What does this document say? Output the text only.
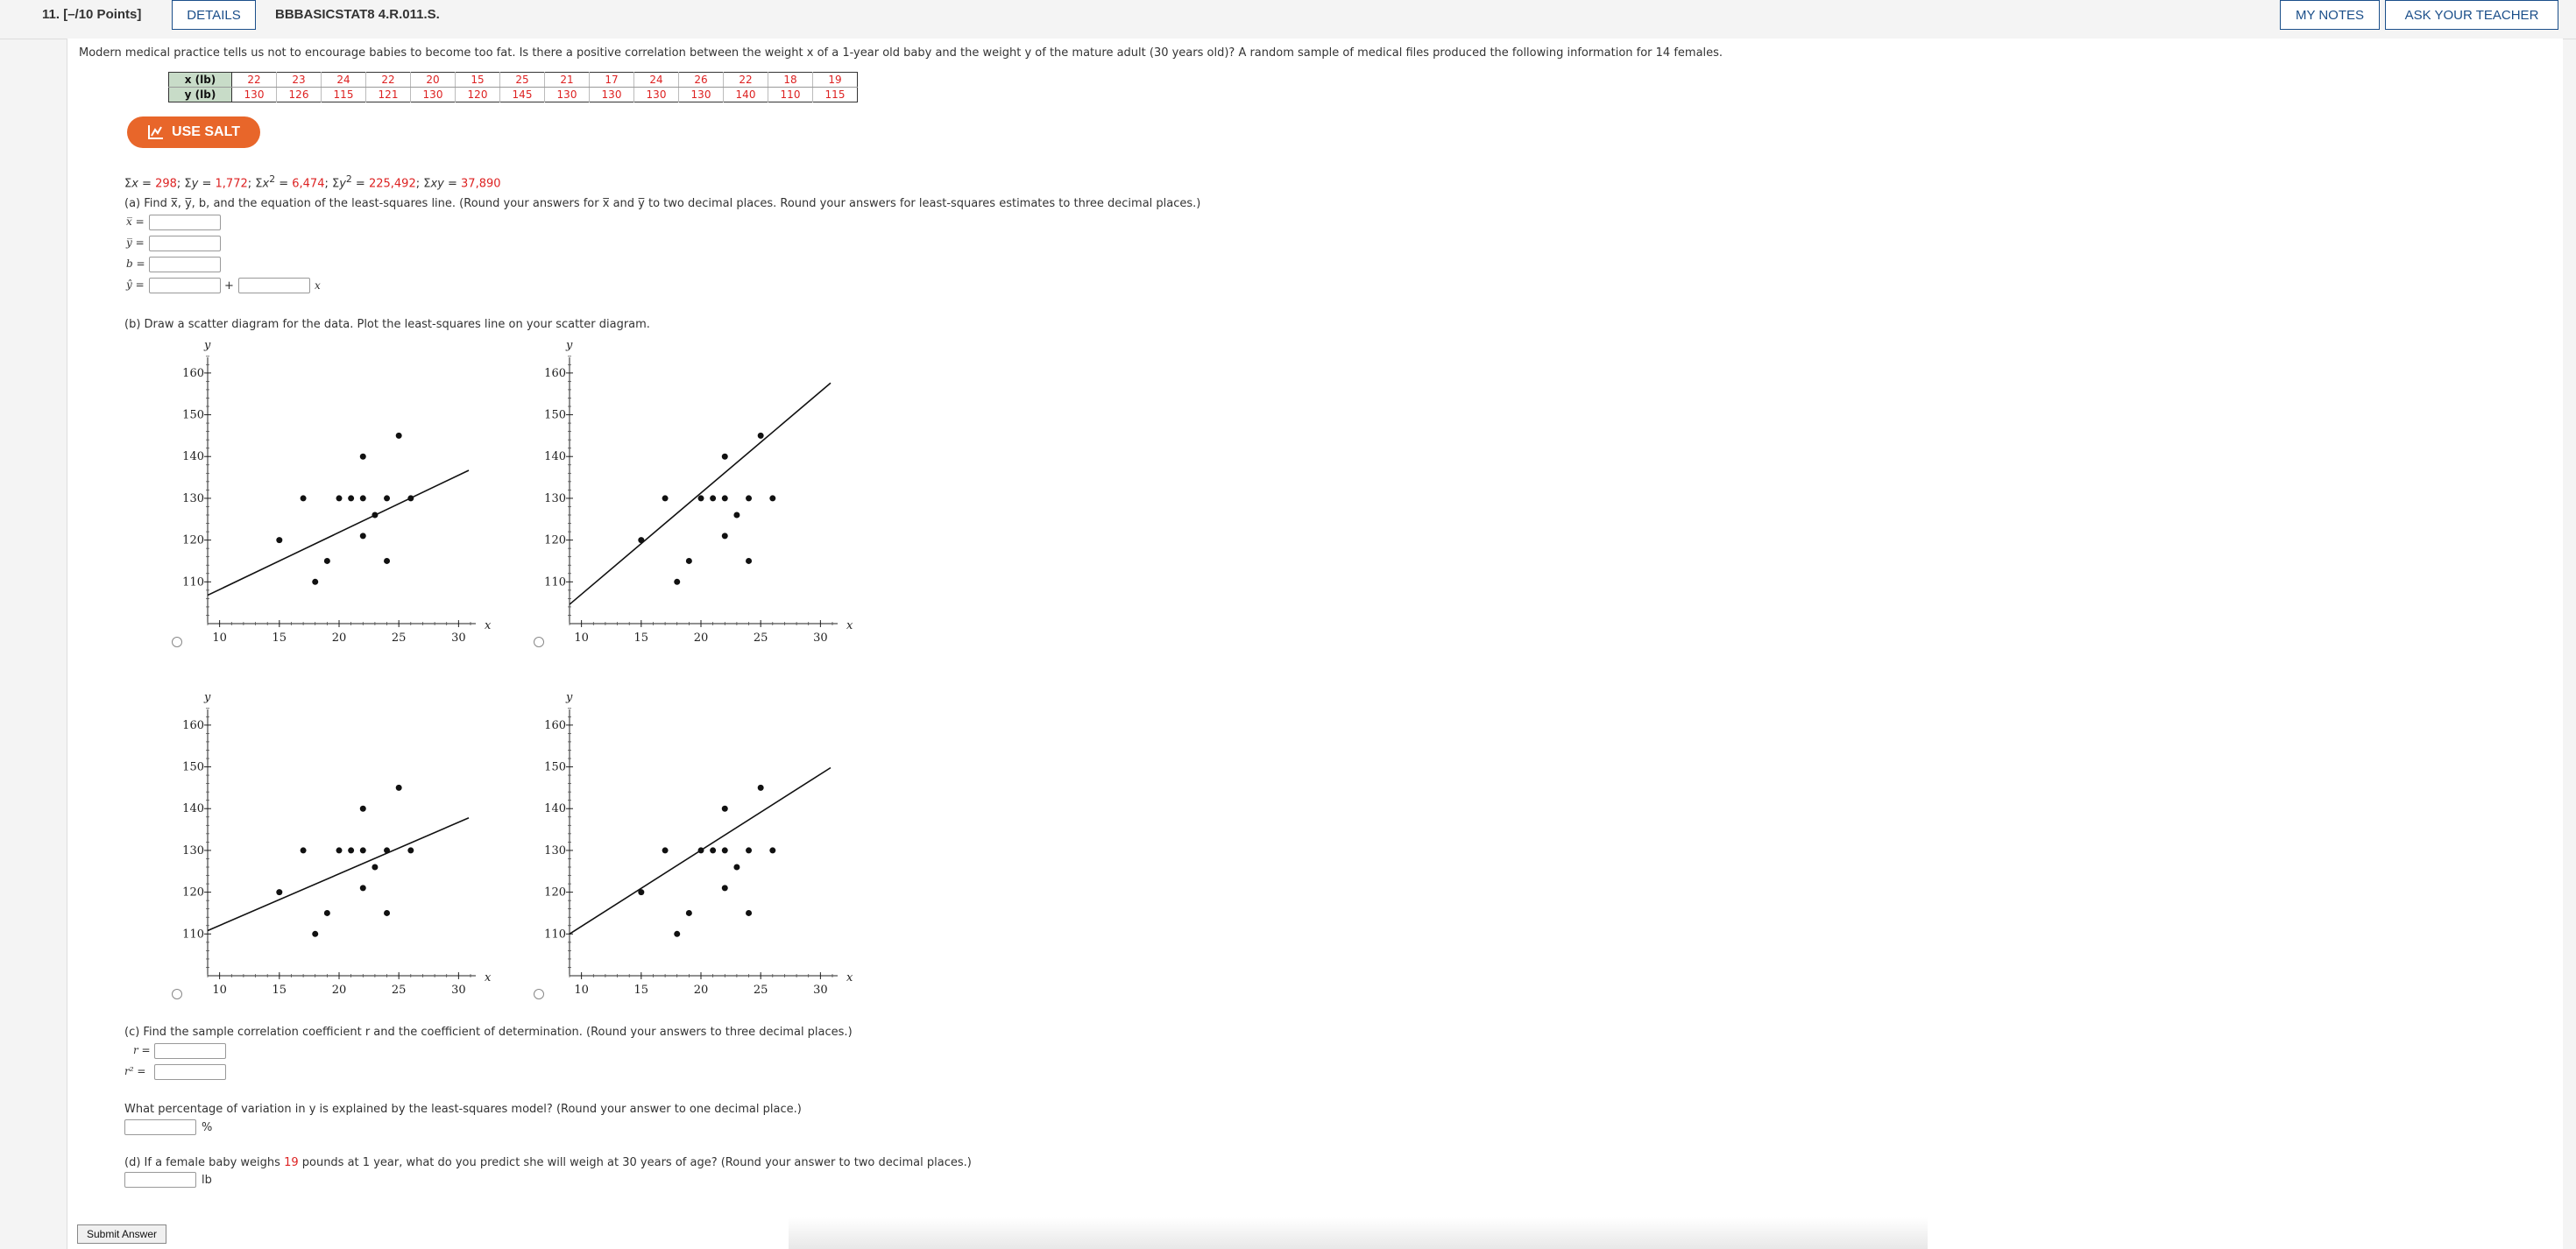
11. [–/10 Points]	DETAILS	BBBASICSTAT8 4.R.011.S.	MY NOTES	ASK YOUR TEACHER
Modern medical practice tells us not to encourage babies to become too fat. Is there a positive correlation between the weight x of a 1-year old baby and the weight y of the mature adult (30 years old)? A random sample of medical files produced the following information for 14 females.
x (lb)	22	23	24	22	20	15	25	21	17	24	26	22	18	19
y (lb)	130	126	115	121	130	120	145	130	130	130	130	140	110	115
USE SALT
Σx = 298; Σy = 1,772; $\Sigma x^2 = 6,474$; $\Sigma y^2 = 225,492$; Σxy = 37,890
(a) Find x̅, y̅, b, and the equation of the least-squares line. (Round your answers for x̅ and y̅ to two decimal places. Round your answers for least-squares estimates to three decimal places.)
x̅ =
y̅ =
b =
ŷ =	+	x
(b) Draw a scatter diagram for the data. Plot the least-squares line on your scatter diagram.
10	15	20	25	30
110
120
130
140
150
160
x
y
10	15	20	25	30
110
120
130
140
150
160
x
y
10	15	20	25	30
110
120
130
140
150
160
x
y
10	15	20	25	30
110
120
130
140
150
160
x
y
(c) Find the sample correlation coefficient r and the coefficient of determination. (Round your answers to three decimal places.)
r =
r² =
What percentage of variation in y is explained by the least-squares model? (Round your answer to one decimal place.)
%
(d) If a female baby weighs 19 pounds at 1 year, what do you predict she will weigh at 30 years of age? (Round your answer to two decimal places.)
lb
Submit Answer
